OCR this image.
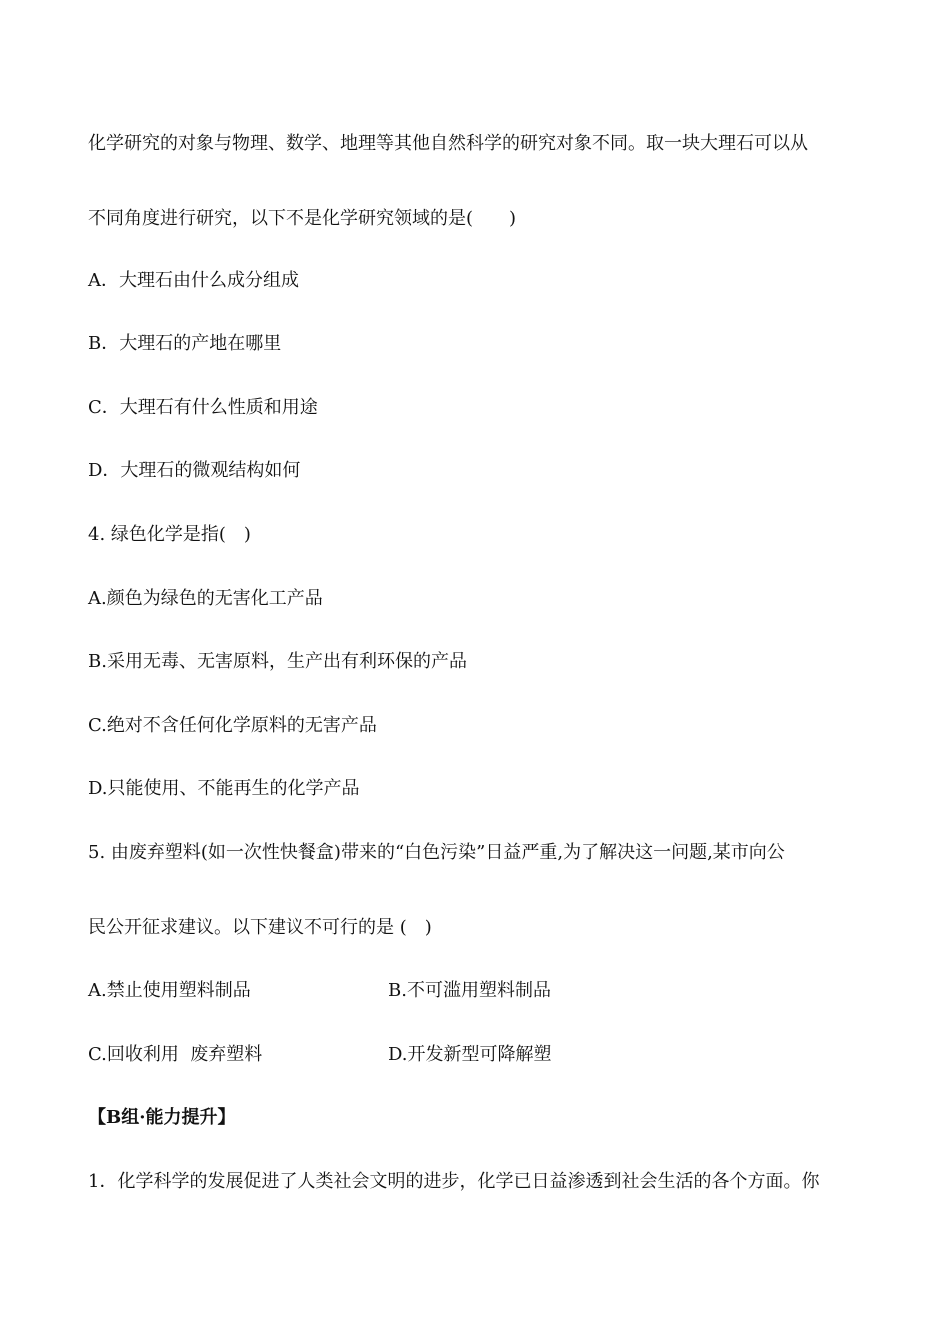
化学研究的对象与物理、数学、地理等其他自然科学的研究对象不同。取一块大理石可以从
不同角度进行研究，以下不是化学研究领域的是(　　)
A．大理石由什么成分组成
B．大理石的产地在哪里
C．大理石有什么性质和用途
D．大理石的微观结构如何
4. 绿色化学是指(　)
A.颜色为绿色的无害化工产品
B.采用无毒、无害原料，生产出有利环保的产品
C.绝对不含任何化学原料的无害产品
D.只能使用、不能再生的化学产品
5. 由废弃塑料(如一次性快餐盒)带来的“白色污染”日益严重,为了解决这一问题,某市向公
民公开征求建议。以下建议不可行的是 (　)
A.禁止使用塑料制品	B.不可滥用塑料制品
C.回收利用  废弃塑料	D.开发新型可降解塑
【B组·能力提升】
1．化学科学的发展促进了人类社会文明的进步，化学已日益渗透到社会生活的各个方面。你
